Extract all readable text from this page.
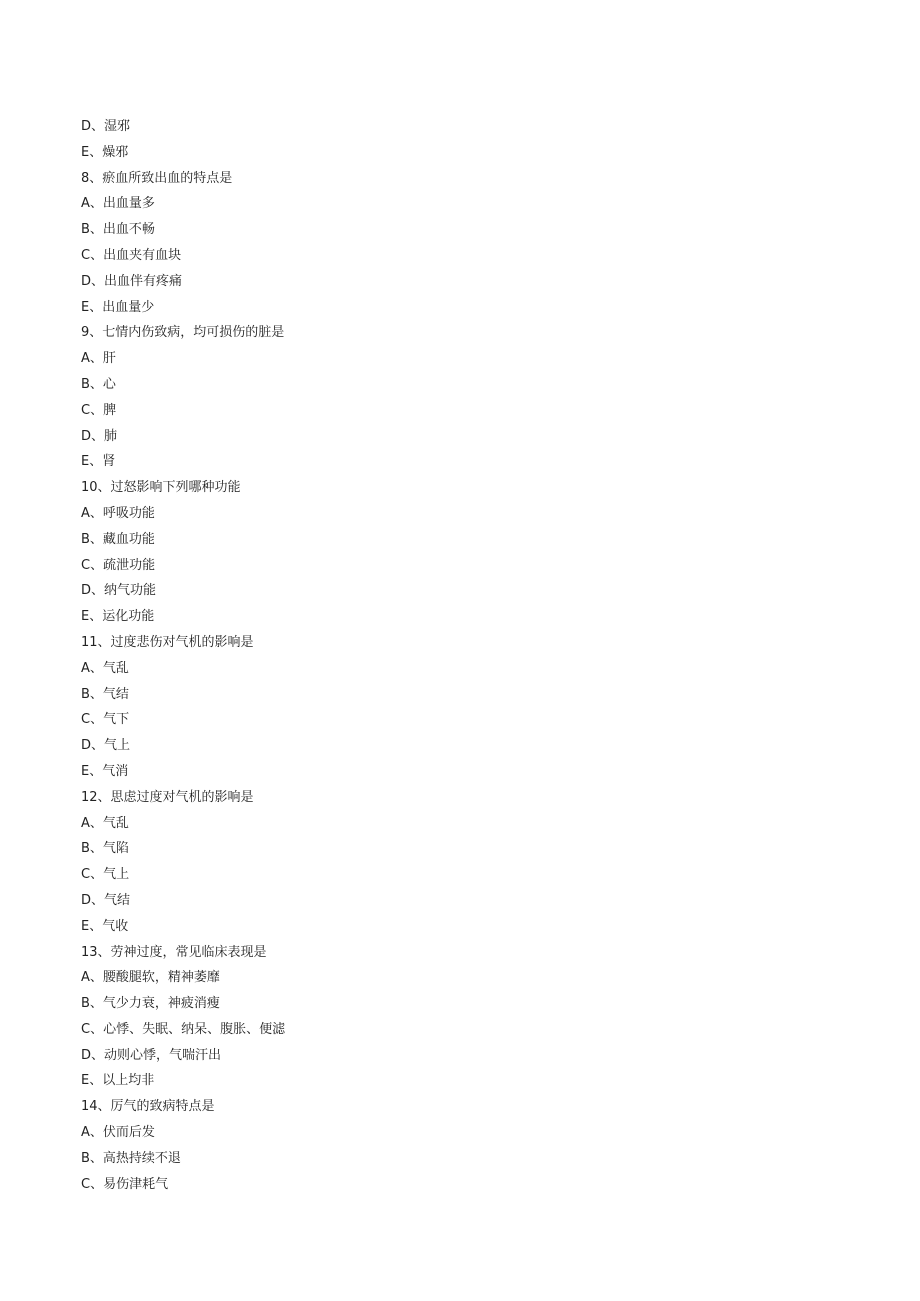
D、湿邪
E、燥邪
8、瘀血所致出血的特点是
A、出血量多
B、出血不畅
C、出血夹有血块
D、出血伴有疼痛
E、出血量少
9、七情内伤致病，均可损伤的脏是
A、肝
B、心
C、脾
D、肺
E、肾
10、过怒影响下列哪种功能
A、呼吸功能
B、藏血功能
C、疏泄功能
D、纳气功能
E、运化功能
11、过度悲伤对气机的影响是
A、气乱
B、气结
C、气下
D、气上
E、气消
12、思虑过度对气机的影响是
A、气乱
B、气陷
C、气上
D、气结
E、气收
13、劳神过度，常见临床表现是
A、腰酸腿软，精神萎靡
B、气少力衰，神疲消瘦
C、心悸、失眠、纳呆、腹胀、便滤
D、动则心悸，气喘汗出
E、以上均非
14、厉气的致病特点是
A、伏而后发
B、高热持续不退
C、易伤津耗气
